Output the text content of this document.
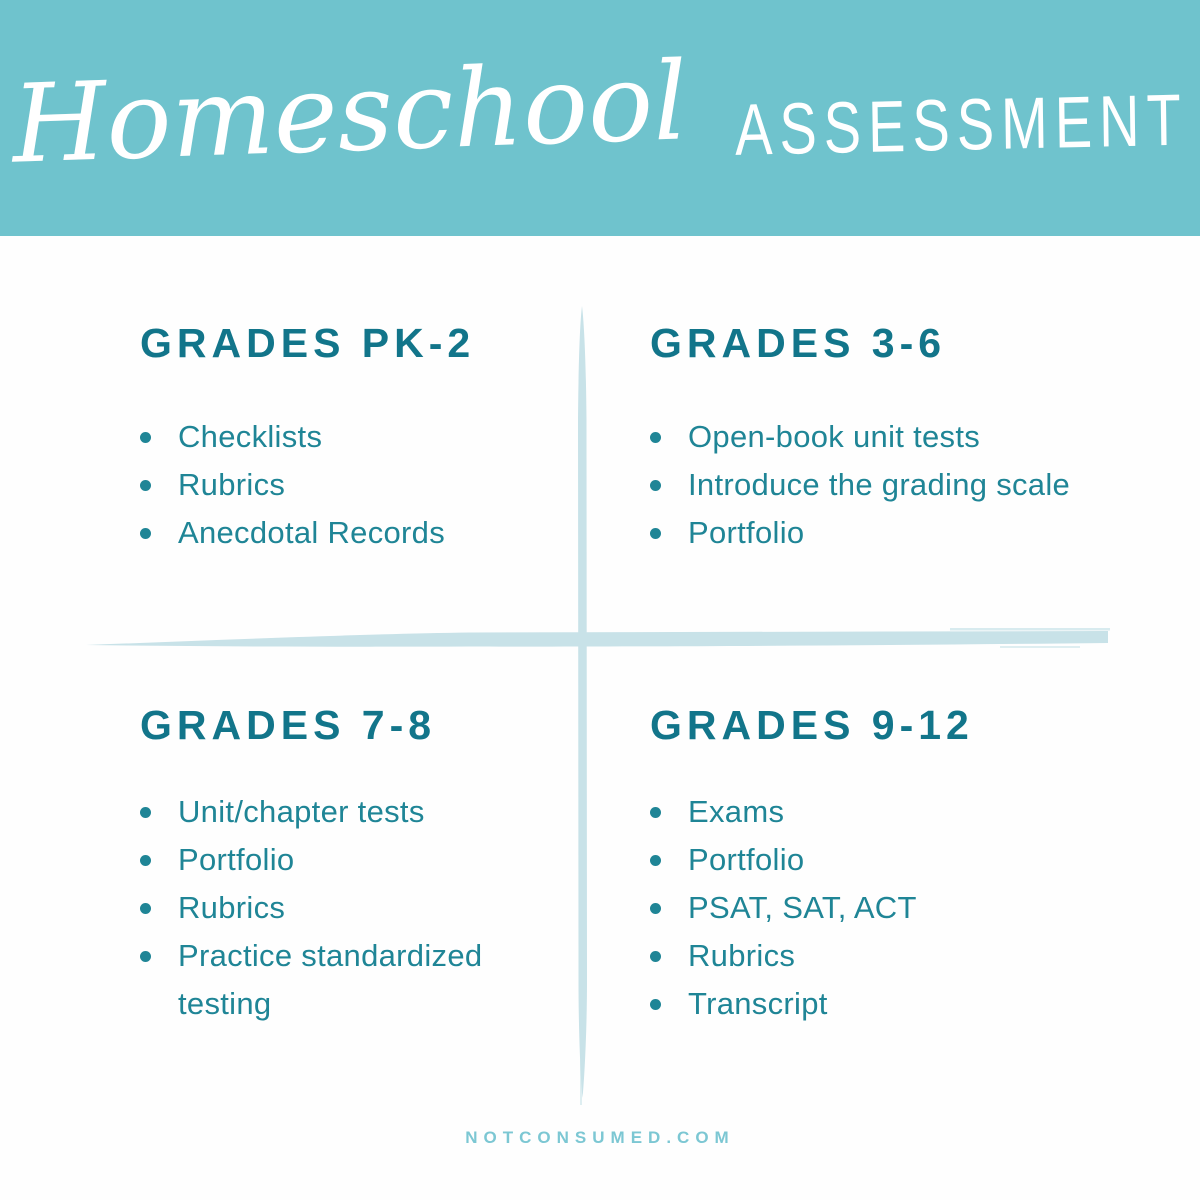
Homeschool ASSESSMENT
GRADES PK-2
Checklists
Rubrics
Anecdotal Records
GRADES 3-6
Open-book unit tests
Introduce the grading scale
Portfolio
GRADES 7-8
Unit/chapter tests
Portfolio
Rubrics
Practice standardized testing
GRADES 9-12
Exams
Portfolio
PSAT, SAT, ACT
Rubrics
Transcript
NOTCONSUMED.COM
